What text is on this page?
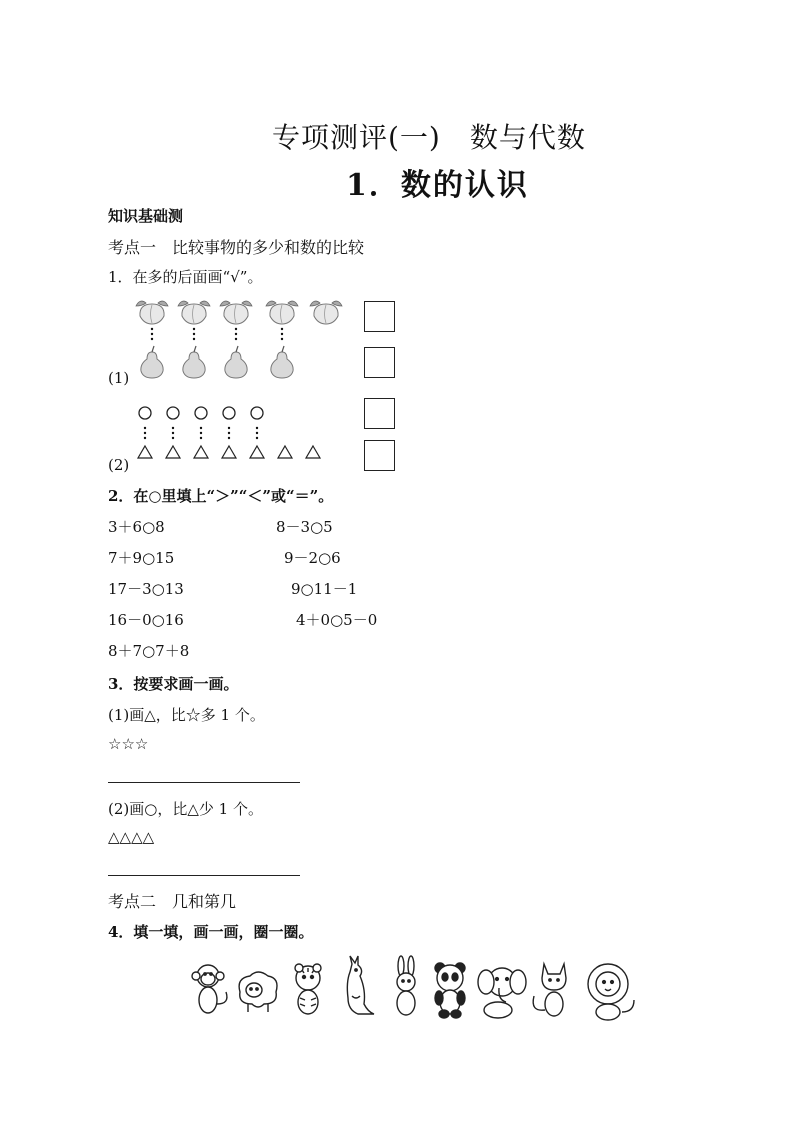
专项测评(一)　数与代数
1．数的认识
知识基础测
考点一　比较事物的多少和数的比较
1．在多的后面画“√”。
(1)
(2)
2．在○里填上“＞”“＜”或“＝”。
3＋6○8	8－3○5
7＋9○15	9－2○6
17－3○13	9○11－1
16－0○16	4＋0○5－0
8＋7○7＋8
3．按要求画一画。
(1)画△，比☆多 1 个。
☆☆☆
(2)画○，比△少 1 个。
△△△△
考点二　几和第几
4．填一填，画一画，圈一圈。
